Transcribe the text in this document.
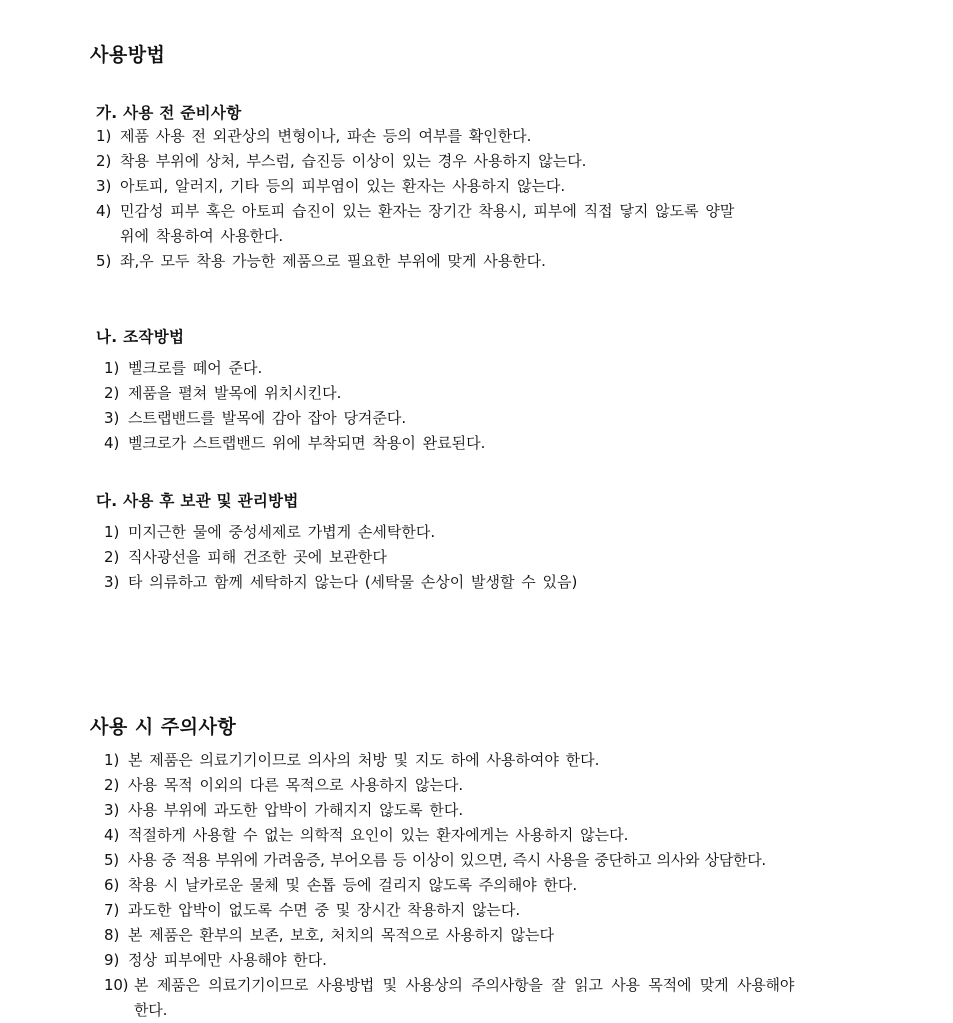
사용방법
가. 사용 전 준비사항
1) 제품 사용 전 외관상의 변형이나, 파손 등의 여부를 확인한다.
2) 착용 부위에 상처, 부스럼, 습진등 이상이 있는 경우 사용하지 않는다.
3) 아토피, 알러지, 기타 등의 피부염이 있는 환자는 사용하지 않는다.
4) 민감성 피부 혹은 아토피 습진이 있는 환자는 장기간 착용시, 피부에 직접 닿지 않도록 양말
위에 착용하여 사용한다.
5) 좌,우 모두 착용 가능한 제품으로 필요한 부위에 맞게 사용한다.
나. 조작방법
1) 벨크로를 떼어 준다.
2) 제품을 펼쳐 발목에 위치시킨다.
3) 스트랩밴드를 발목에 감아 잡아 당겨준다.
4) 벨크로가 스트랩밴드 위에 부착되면 착용이 완료된다.
다. 사용 후 보관 및 관리방법
1) 미지근한 물에 중성세제로 가볍게 손세탁한다.
2) 직사광선을 피해 건조한 곳에 보관한다
3) 타 의류하고 함께 세탁하지 않는다 (세탁물 손상이 발생할 수 있음)
사용 시 주의사항
1) 본 제품은 의료기기이므로 의사의 처방 및 지도 하에 사용하여야 한다.
2) 사용 목적 이외의 다른 목적으로 사용하지 않는다.
3) 사용 부위에 과도한 압박이 가해지지 않도록 한다.
4) 적절하게 사용할 수 없는 의학적 요인이 있는 환자에게는 사용하지 않는다.
5) 사용 중 적용 부위에 가려움증, 부어오름 등 이상이 있으면, 즉시 사용을 중단하고 의사와 상담한다.
6) 착용 시 날카로운 물체 및 손톱 등에 걸리지 않도록 주의해야 한다.
7) 과도한 압박이 없도록 수면 중 및 장시간 착용하지 않는다.
8) 본 제품은 환부의 보존, 보호, 처치의 목적으로 사용하지 않는다
9) 정상 피부에만 사용해야 한다.
10) 본 제품은 의료기기이므로 사용방법 및 사용상의 주의사항을 잘 읽고 사용 목적에 맞게 사용해야
한다.
